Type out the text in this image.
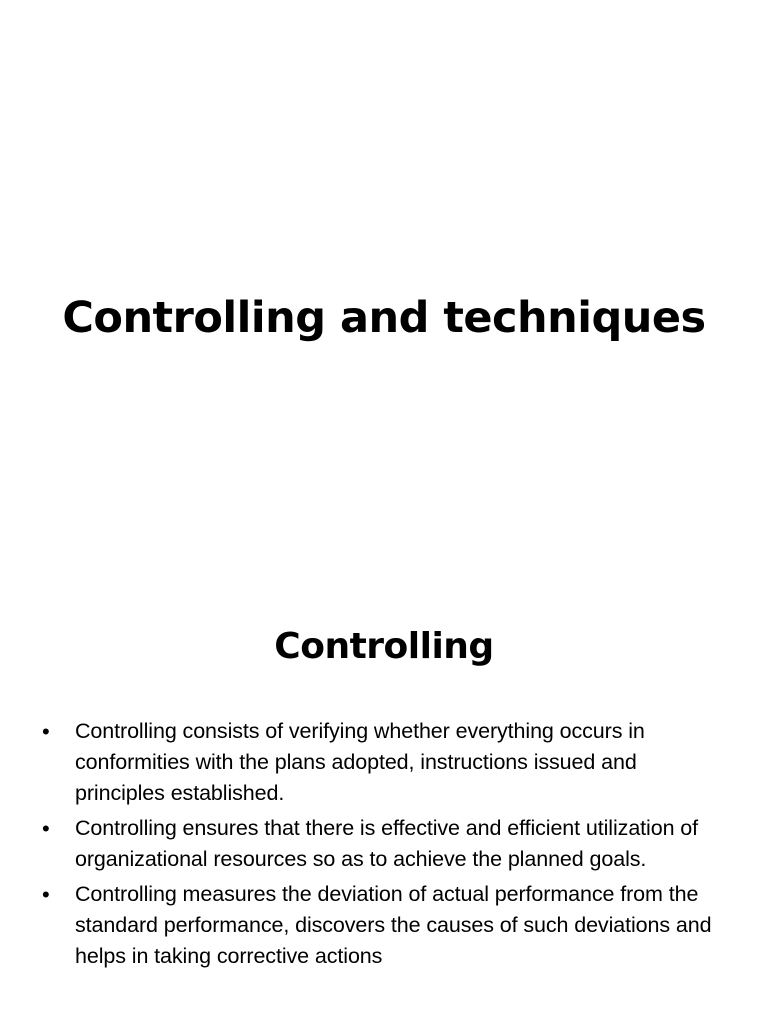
Controlling and techniques
Controlling
• Controlling consists of verifying whether everything occurs in conformities with the plans adopted, instructions issued and principles established.
• Controlling ensures that there is effective and efficient utilization of organizational resources so as to achieve the planned goals.
• Controlling measures the deviation of actual performance from the standard performance, discovers the causes of such deviations and helps in taking corrective actions
